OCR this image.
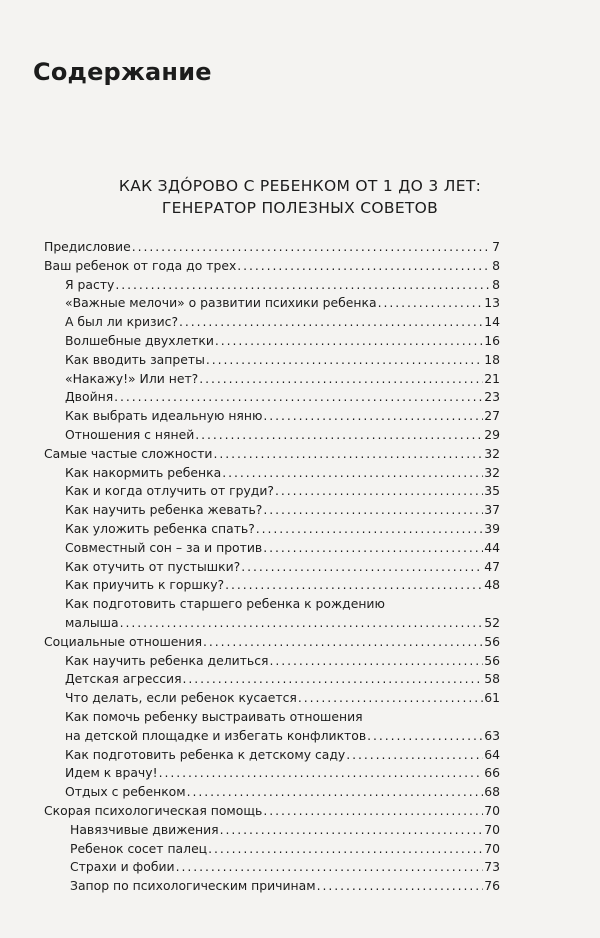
Содержание
КАК ЗДÓРОВО С РЕБЕНКОМ ОТ 1 ДО 3 ЛЕТ:
ГЕНЕРАТОР ПОЛЕЗНЫХ СОВЕТОВ
Предисловие . . .	7
Ваш ребенок от года до трех . . .	8
Я расту . . .	8
«Важные мелочи» о развитии психики ребенка . . .	13
А был ли кризис? . . .	14
Волшебные двухлетки . . .	16
Как вводить запреты . . .	18
«Накажу!» Или нет? . . .	21
Двойня . . .	23
Как выбрать идеальную няню . . .	27
Отношения с няней . . .	29
Самые частые сложности . . .	32
Как накормить ребенка . . .	32
Как и когда отлучить от груди? . . .	35
Как научить ребенка жевать? . . .	37
Как уложить ребенка спать? . . .	39
Совместный сон – за и против . . .	44
Как отучить от пустышки? . . .	47
Как приучить к горшку? . . .	48
Как подготовить старшего ребенка к рождению
малыша . . .	52
Социальные отношения . . .	56
Как научить ребенка делиться . . .	56
Детская агрессия . . .	58
Что делать, если ребенок кусается . . .	61
Как помочь ребенку выстраивать отношения
на детской площадке и избегать конфликтов . . .	63
Как подготовить ребенка к детскому саду . . .	64
Идем к врачу! . . .	66
Отдых с ребенком . . .	68
Скорая психологическая помощь . . .	70
Навязчивые движения . . .	70
Ребенок сосет палец . . .	70
Страхи и фобии . . .	73
Запор по психологическим причинам . . .	76
